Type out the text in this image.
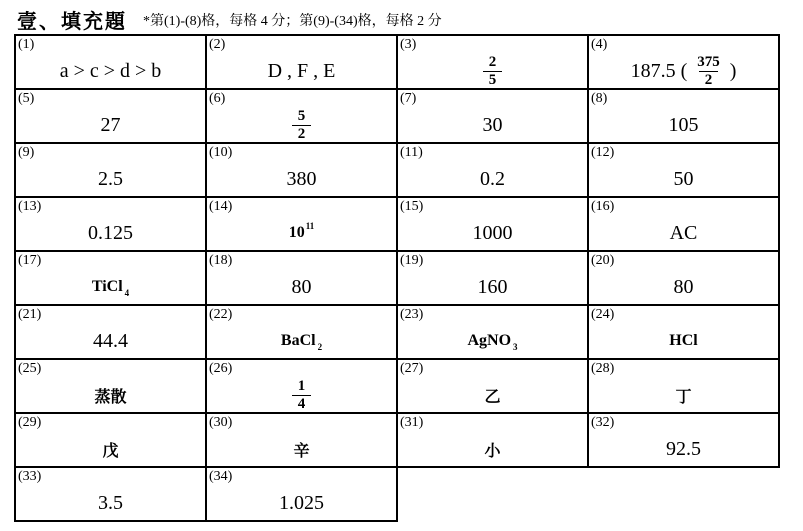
壹、填充題 *第(1)-(8)格，每格 4 分；第(9)-(34)格，每格 2 分
(1)
a > c > d > b	(2)
D , F , E	(3)
$\frac{2}{5}$	(4)
187.5 ( $\frac{375}{2}$ )

(5)
27	(6)
$\frac{5}{2}$	(7)
30	(8)
105

(9)
2.5	(10)
380	(11)
0.2	(12)
50

(13)
0.125	(14)
10 11	(15)
1000	(16)
AC

(17)
TiCl 4	(18)
80	(19)
160	(20)
80

(21)
44.4	(22)
BaCl 2	(23)
AgNO 3	(24)
HCl

(25)
蒸散	(26)
$\frac{1}{4}$	(27)
乙	(28)
丁

(29)
戊	(30)
辛	(31)
小	(32)
92.5

(33)
3.5	(34)
1.025		
